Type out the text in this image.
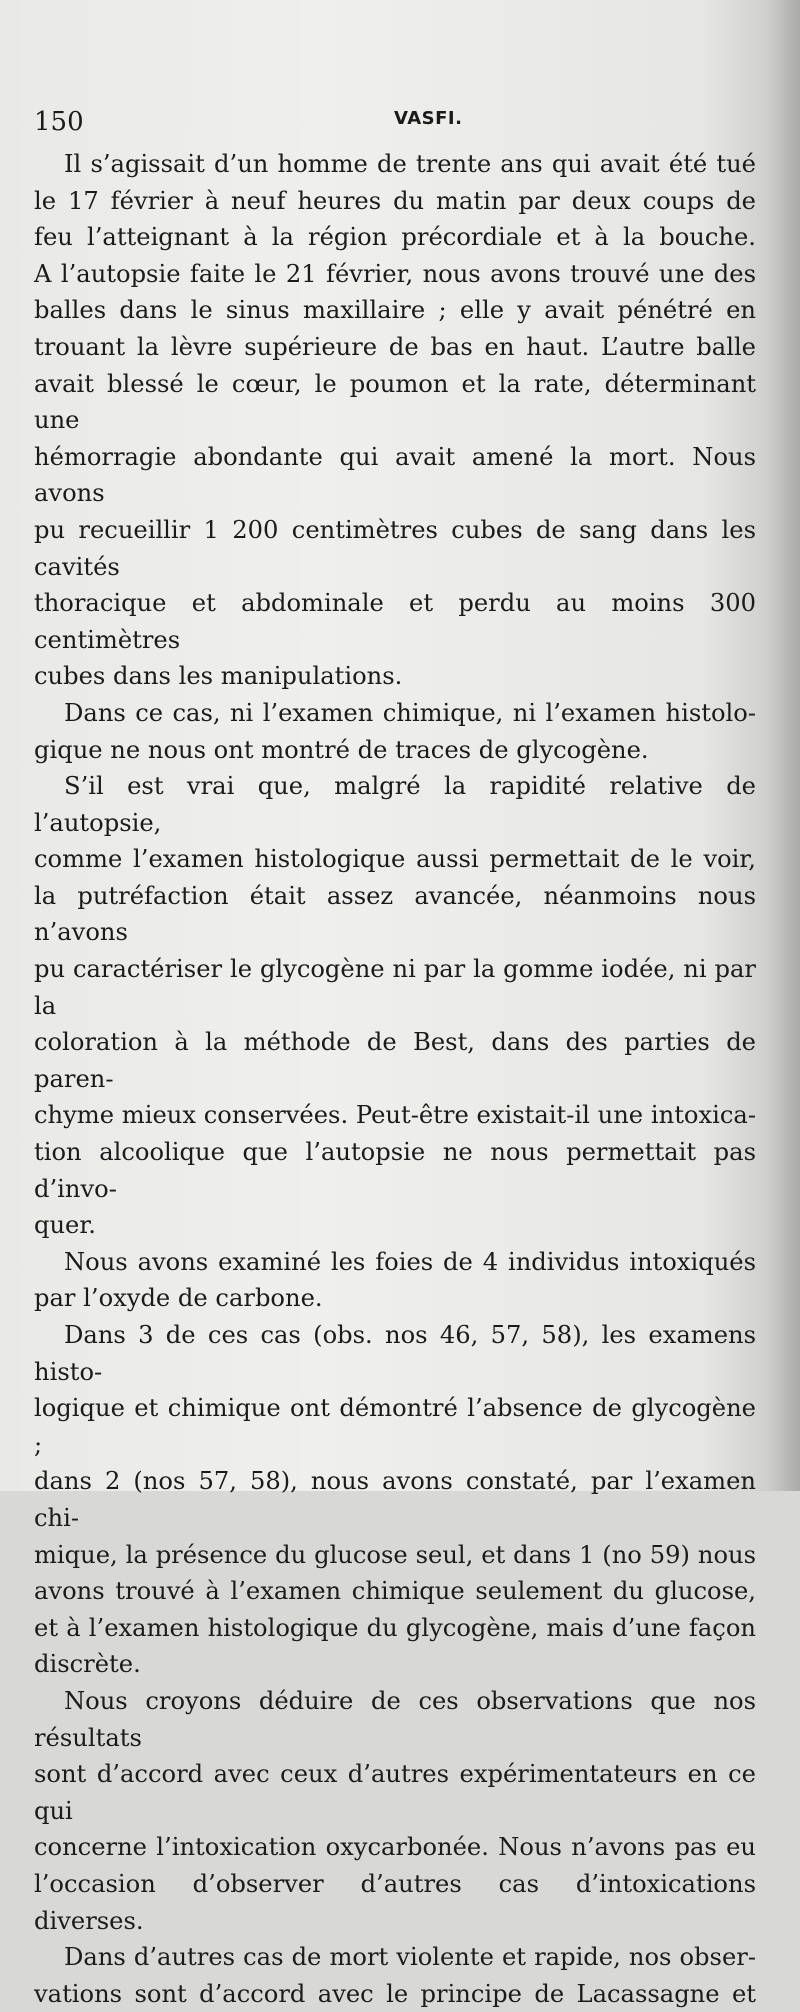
150	VASFI.

Il s’agissait d’un homme de trente ans qui avait été tué

le 17 février à neuf heures du matin par deux coups de

feu l’atteignant à la région précordiale et à la bouche.

A l’autopsie faite le 21 février, nous avons trouvé une des

balles dans le sinus maxillaire ; elle y avait pénétré en

trouant la lèvre supérieure de bas en haut. L’autre balle

avait blessé le cœur, le poumon et la rate, déterminant une

hémorragie abondante qui avait amené la mort. Nous avons

pu recueillir 1 200 centimètres cubes de sang dans les cavités

thoracique et abdominale et perdu au moins 300 centimètres

cubes dans les manipulations.

Dans ce cas, ni l’examen chimique, ni l’examen histolo-

gique ne nous ont montré de traces de glycogène.

S’il est vrai que, malgré la rapidité relative de l’autopsie,

comme l’examen histologique aussi permettait de le voir,

la putréfaction était assez avancée, néanmoins nous n’avons

pu caractériser le glycogène ni par la gomme iodée, ni par la

coloration à la méthode de Best, dans des parties de paren-

chyme mieux conservées. Peut-être existait-il une intoxica-

tion alcoolique que l’autopsie ne nous permettait pas d’invo-

quer.

Nous avons examiné les foies de 4 individus intoxiqués

par l’oxyde de carbone.

Dans 3 de ces cas (obs. nos 46, 57, 58), les examens histo-

logique et chimique ont démontré l’absence de glycogène ;

dans 2 (nos 57, 58), nous avons constaté, par l’examen chi-

mique, la présence du glucose seul, et dans 1 (no 59) nous

avons trouvé à l’examen chimique seulement du glucose,

et à l’examen histologique du glycogène, mais d’une façon

discrète.

Nous croyons déduire de ces observations que nos résultats

sont d’accord avec ceux d’autres expérimentateurs en ce qui

concerne l’intoxication oxycarbonée. Nous n’avons pas eu

l’occasion d’observer d’autres cas d’intoxications diverses.

Dans d’autres cas de mort violente et rapide, nos obser-

vations sont d’accord avec le principe de Lacassagne et
